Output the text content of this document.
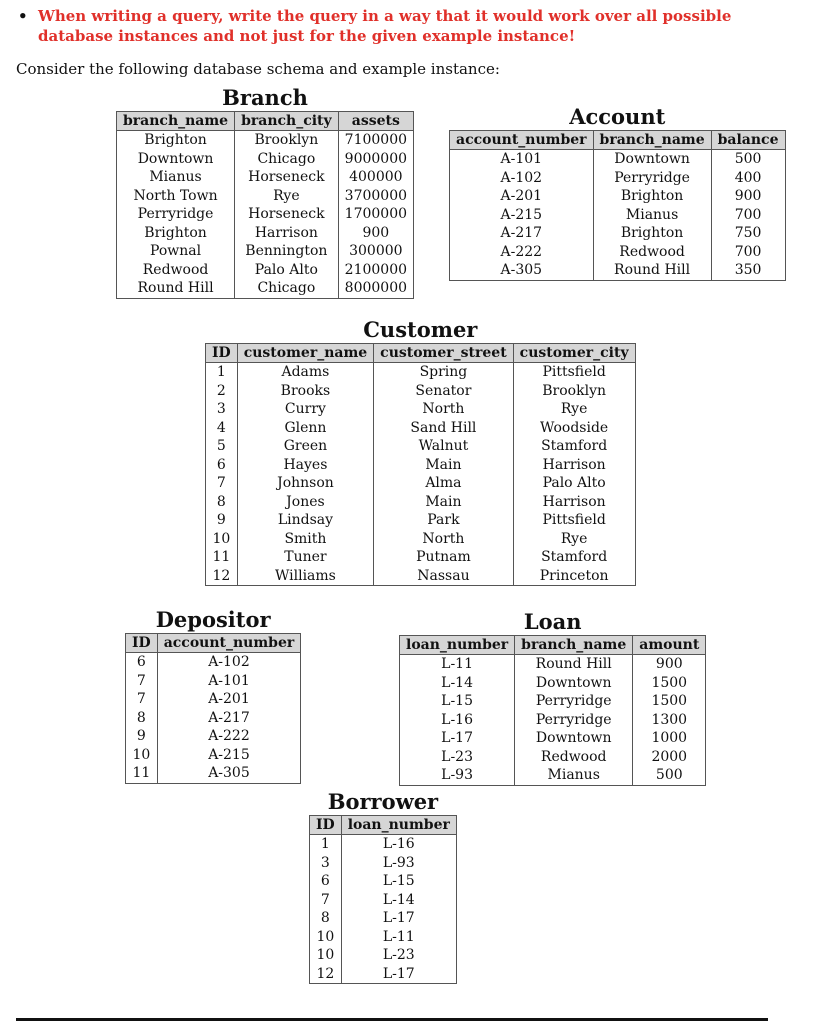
• When writing a query, write the query in a way that it would work over all possible database instances and not just for the given example instance!
Consider the following database schema and example instance:
Branch
branch_name	branch_city	assets
Brighton	Brooklyn	7100000
Downtown	Chicago	9000000
Mianus	Horseneck	400000
North Town	Rye	3700000
Perryridge	Horseneck	1700000
Brighton	Harrison	900
Pownal	Bennington	300000
Redwood	Palo Alto	2100000
Round Hill	Chicago	8000000
Account
account_number	branch_name	balance
A-101	Downtown	500
A-102	Perryridge	400
A-201	Brighton	900
A-215	Mianus	700
A-217	Brighton	750
A-222	Redwood	700
A-305	Round Hill	350
Customer
ID	customer_name	customer_street	customer_city
1	Adams	Spring	Pittsfield
2	Brooks	Senator	Brooklyn
3	Curry	North	Rye
4	Glenn	Sand Hill	Woodside
5	Green	Walnut	Stamford
6	Hayes	Main	Harrison
7	Johnson	Alma	Palo Alto
8	Jones	Main	Harrison
9	Lindsay	Park	Pittsfield
10	Smith	North	Rye
11	Tuner	Putnam	Stamford
12	Williams	Nassau	Princeton
Depositor
ID	account_number
6	A-102
7	A-101
7	A-201
8	A-217
9	A-222
10	A-215
11	A-305
Loan
loan_number	branch_name	amount
L-11	Round Hill	900
L-14	Downtown	1500
L-15	Perryridge	1500
L-16	Perryridge	1300
L-17	Downtown	1000
L-23	Redwood	2000
L-93	Mianus	500
Borrower
ID	loan_number
1	L-16
3	L-93
6	L-15
7	L-14
8	L-17
10	L-11
10	L-23
12	L-17
